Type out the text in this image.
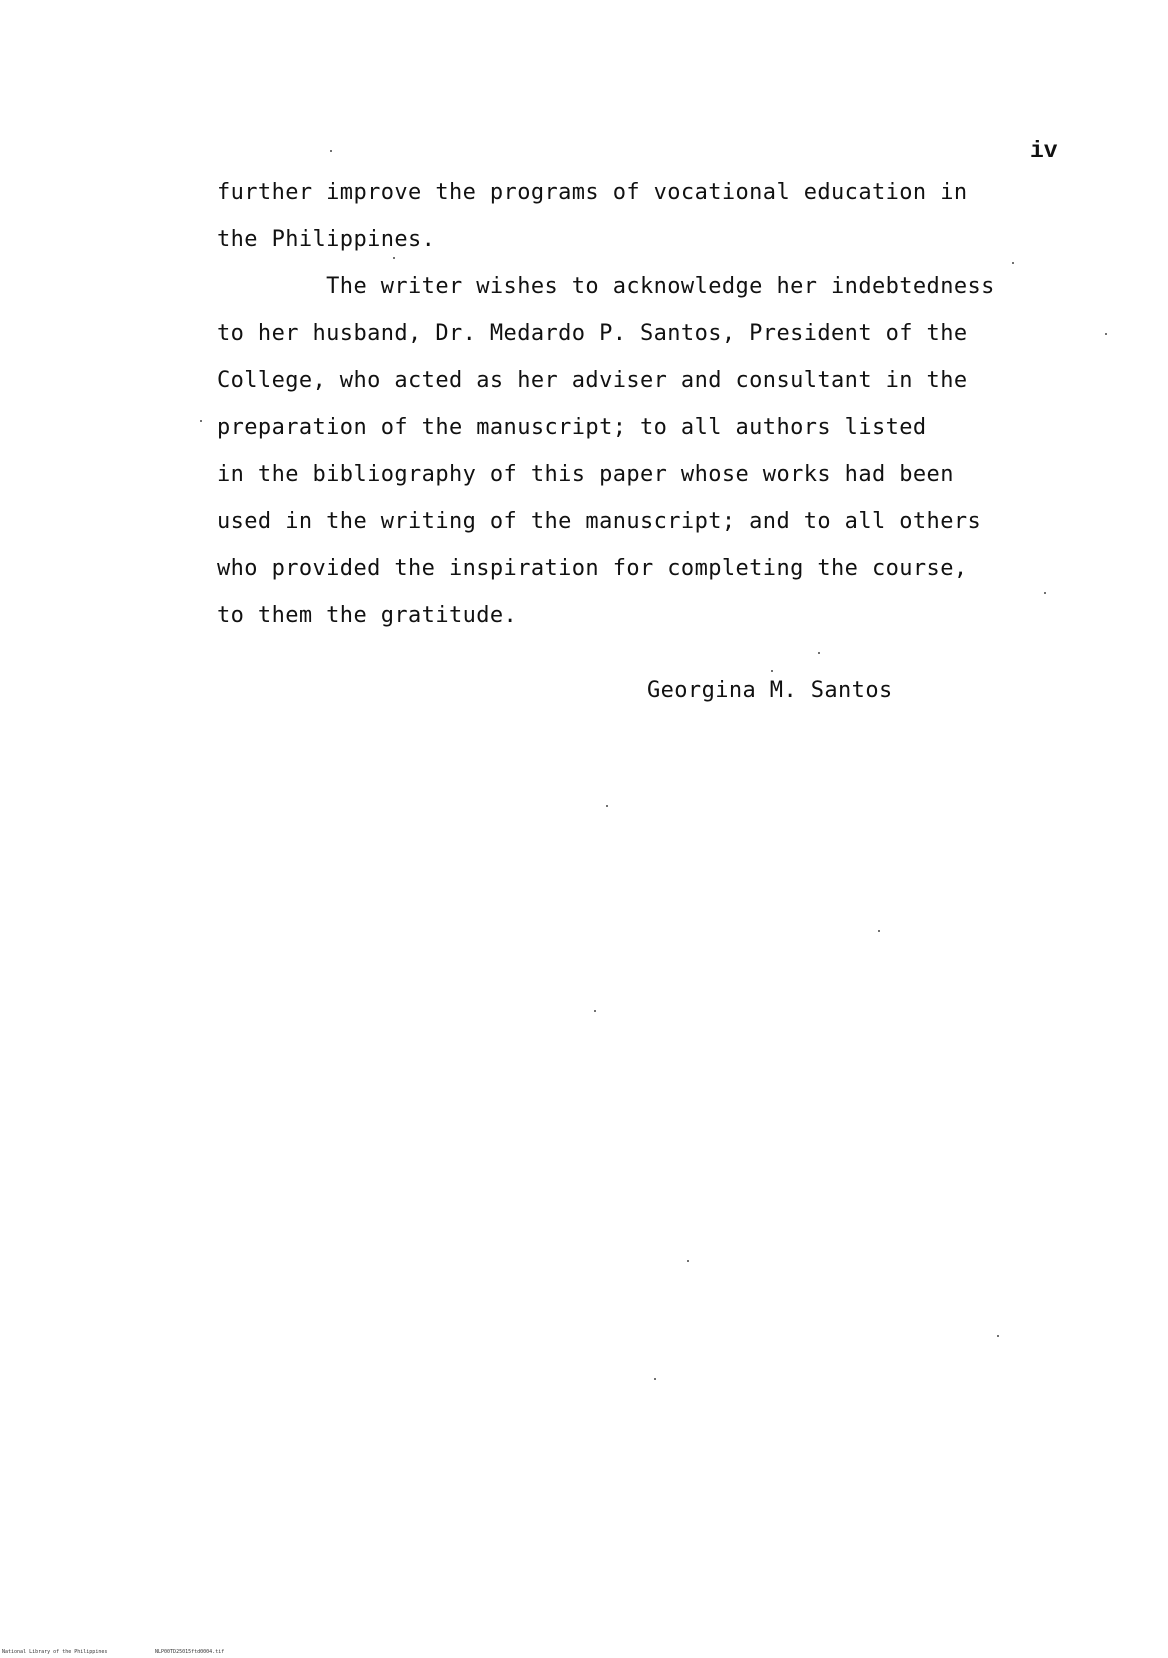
iv
further improve the programs of vocational education in
the Philippines.
The writer wishes to acknowledge her indebtedness
to her husband, Dr. Medardo P. Santos, President of the
College, who acted as her adviser and consultant in the
preparation of the manuscript; to all authors listed
in the bibliography of this paper whose works had been
used in the writing of the manuscript; and to all others
who provided the inspiration for completing the course,
to them the gratitude.
Georgina M. Santos
National Library of the Philippines	NLP00TD25015ftd0004.tif
